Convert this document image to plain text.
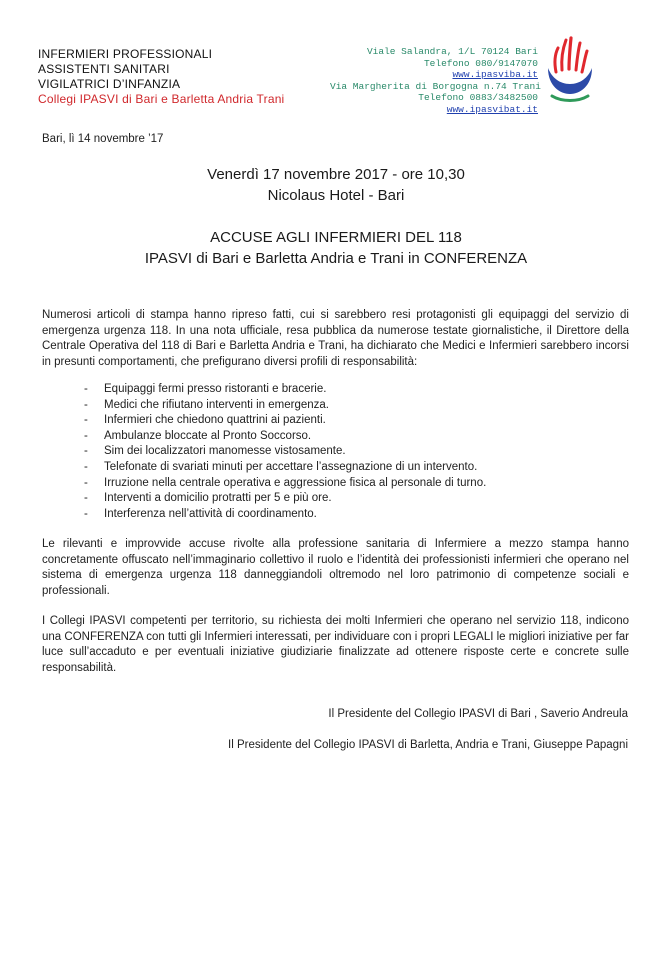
INFERMIERI PROFESSIONALI
ASSISTENTI SANITARI
VIGILATRICI D’INFANZIA
Collegi IPASVI di Bari e Barletta Andria Trani
Viale Salandra, 1/L 70124 Bari
Telefono 080/9147070
www.ipasviba.it
Via Margherita di Borgogna n.74 Trani
Telefono 0883/3482500
www.ipasvibat.it
Bari, lì 14 novembre ’17
Venerdì 17 novembre 2017 - ore 10,30
Nicolaus Hotel - Bari
ACCUSE AGLI INFERMIERI DEL 118
IPASVI di Bari e Barletta Andria e Trani in CONFERENZA
Numerosi articoli di stampa hanno ripreso fatti, cui si sarebbero resi protagonisti gli equipaggi del servizio di emergenza urgenza 118. In una nota ufficiale, resa pubblica da numerose testate giornalistiche, il Direttore della Centrale Operativa del 118 di Bari e Barletta Andria e Trani, ha dichiarato che Medici e Infermieri sarebbero incorsi in presunti comportamenti, che prefigurano diversi profili di responsabilità:
- Equipaggi fermi presso ristoranti e bracerie.
- Medici che rifiutano interventi in emergenza.
- Infermieri che chiedono quattrini ai pazienti.
- Ambulanze bloccate al Pronto Soccorso.
- Sim dei localizzatori manomesse vistosamente.
- Telefonate di svariati minuti per accettare l’assegnazione di un intervento.
- Irruzione nella centrale operativa e aggressione fisica al personale di turno.
- Interventi a domicilio protratti per 5 e più ore.
- Interferenza nell’attività di coordinamento.
Le rilevanti e improvvide accuse rivolte alla professione sanitaria di Infermiere a mezzo stampa hanno concretamente offuscato nell’immaginario collettivo il ruolo e l’identità dei professionisti infermieri che operano nel sistema di emergenza urgenza 118 danneggiandoli oltremodo nel loro patrimonio di competenze sociali e professionali.
I Collegi IPASVI competenti per territorio, su richiesta dei molti Infermieri che operano nel servizio 118, indicono una CONFERENZA con tutti gli Infermieri interessati, per individuare con i propri LEGALI le migliori iniziative per far luce sull’accaduto e per eventuali iniziative giudiziarie finalizzate ad ottenere risposte certe e concrete sulle responsabilità.
Il Presidente del Collegio IPASVI di Bari , Saverio Andreula
Il Presidente del Collegio IPASVI di Barletta, Andria e Trani, Giuseppe Papagni
